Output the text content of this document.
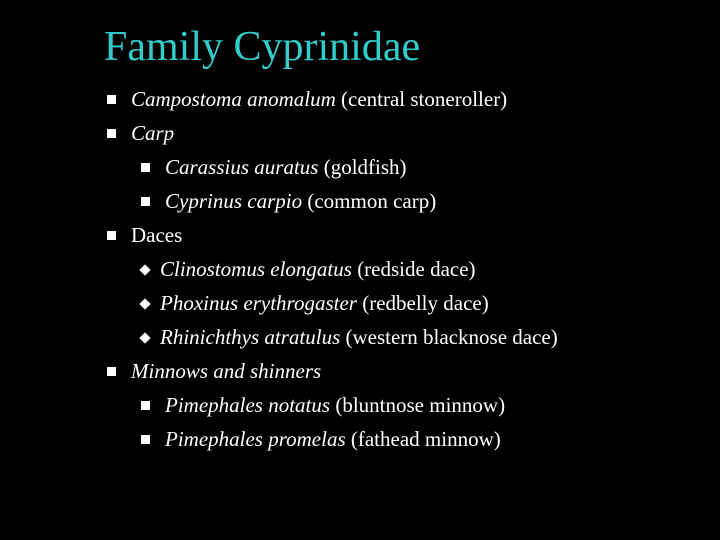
Family Cyprinidae
Campostoma anomalum (central stoneroller)
Carp
Carassius auratus (goldfish)
Cyprinus carpio (common carp)
Daces
Clinostomus elongatus (redside dace)
Phoxinus erythrogaster (redbelly dace)
Rhinichthys atratulus (western blacknose dace)
Minnows and shinners
Pimephales notatus (bluntnose minnow)
Pimephales promelas (fathead minnow)
